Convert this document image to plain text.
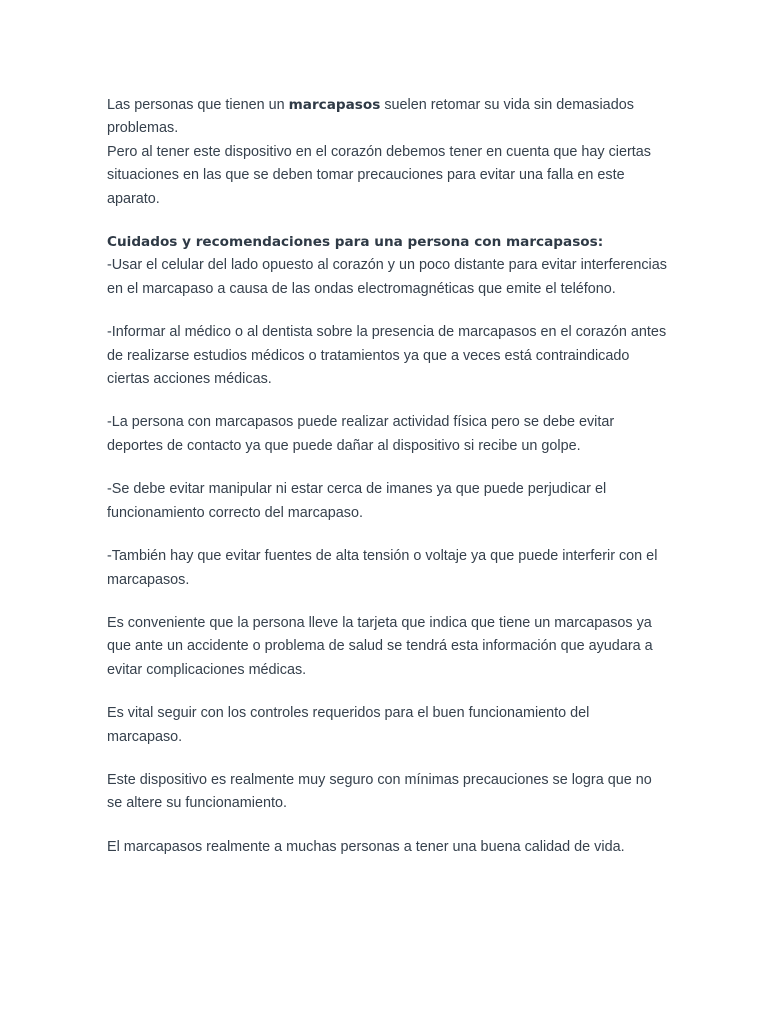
Las personas que tienen un marcapasos suelen retomar su vida sin demasiados problemas.

Pero al tener este dispositivo en el corazón debemos tener en cuenta que hay ciertas situaciones en las que se deben tomar precauciones para evitar una falla en este aparato.

Cuidados y recomendaciones para una persona con marcapasos:

-Usar el celular del lado opuesto al corazón y un poco distante para evitar interferencias en el marcapaso a causa de las ondas electromagnéticas que emite el teléfono.

-Informar al médico o al dentista sobre la presencia de marcapasos en el corazón antes de realizarse estudios médicos o tratamientos ya que a veces está contraindicado ciertas acciones médicas.

-La persona con marcapasos puede realizar actividad física pero se debe evitar deportes de contacto ya que puede dañar al dispositivo si recibe un golpe.

-Se debe evitar manipular ni estar cerca de imanes ya que puede perjudicar el funcionamiento correcto del marcapaso.

-También hay que evitar fuentes de alta tensión o voltaje ya que puede interferir con el marcapasos.

Es conveniente que la persona lleve la tarjeta que indica que tiene un marcapasos ya que ante un accidente o problema de salud se tendrá esta información que ayudara a evitar complicaciones médicas.

Es vital seguir con los controles requeridos para el buen funcionamiento del marcapaso.

Este dispositivo es realmente muy seguro con mínimas precauciones se logra que no se altere su funcionamiento.

El marcapasos realmente a muchas personas a tener una buena calidad de vida.
